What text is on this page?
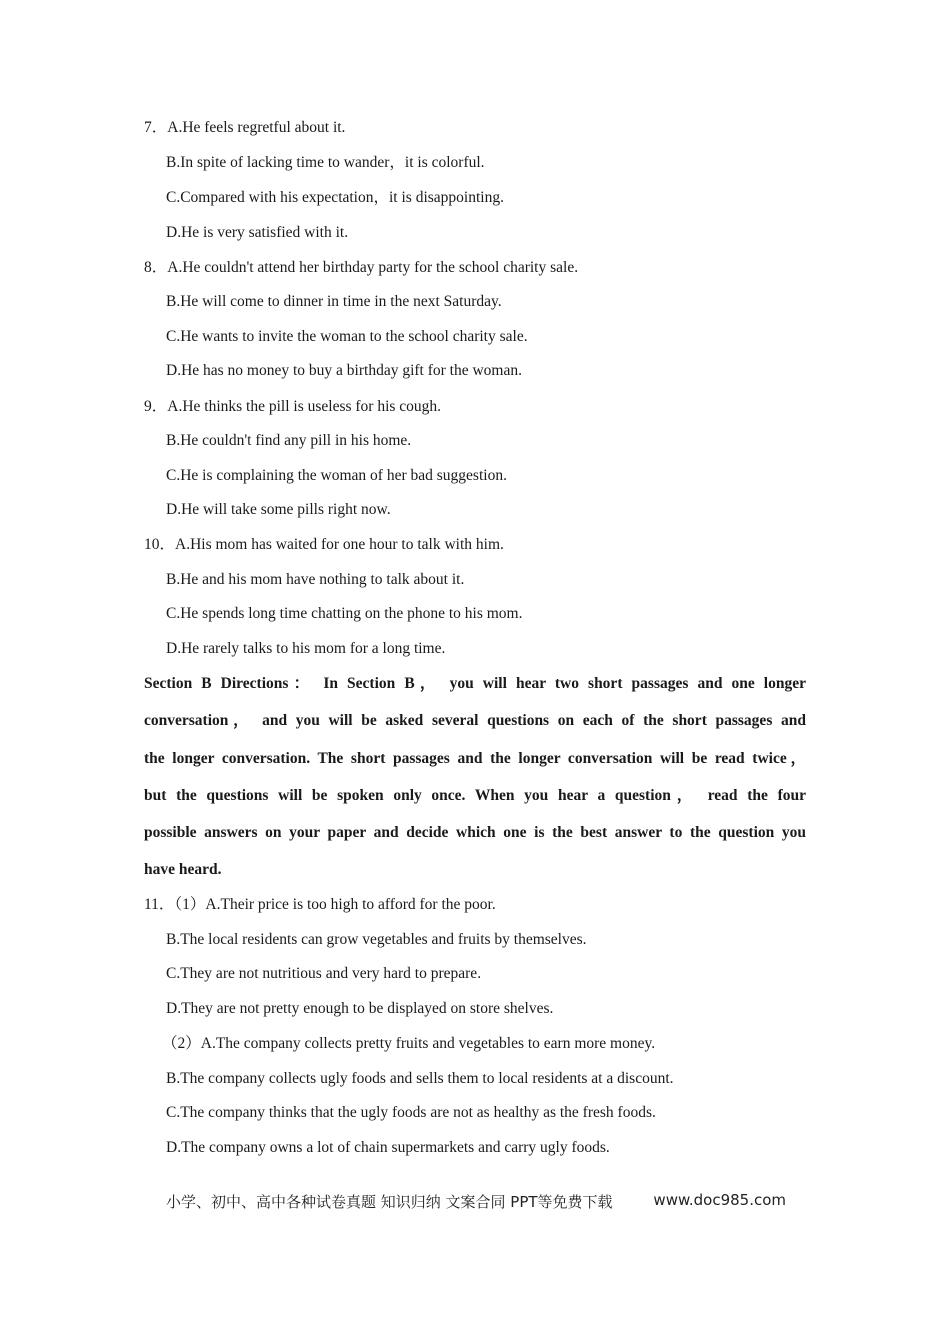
7．A.He feels regretful about it.
B.In spite of lacking time to wander，it is colorful.
C.Compared with his expectation，it is disappointing.
D.He is very satisfied with it.
8．A.He couldn't attend her birthday party for the school charity sale.
B.He will come to dinner in time in the next Saturday.
C.He wants to invite the woman to the school charity sale.
D.He has no money to buy a birthday gift for the woman.
9．A.He thinks the pill is useless for his cough.
B.He couldn't find any pill in his home.
C.He is complaining the woman of her bad suggestion.
D.He will take some pills right now.
10．A.His mom has waited for one hour to talk with him.
B.He and his mom have nothing to talk about it.
C.He spends long time chatting on the phone to his mom.
D.He rarely talks to his mom for a long time.
Section B Directions： In Section B， you will hear two short passages and one longer
conversation， and you will be asked several questions on each of the short passages and
the longer conversation. The short passages and the longer conversation will be read twice，
but the questions will be spoken only once. When you hear a question， read the four
possible answers on your paper and decide which one is the best answer to the question you
have heard.
11．（1）A.Their price is too high to afford for the poor.
B.The local residents can grow vegetables and fruits by themselves.
C.They are not nutritious and very hard to prepare.
D.They are not pretty enough to be displayed on store shelves.
（2）A.The company collects pretty fruits and vegetables to earn more money.
B.The company collects ugly foods and sells them to local residents at a discount.
C.The company thinks that the ugly foods are not as healthy as the fresh foods.
D.The company owns a lot of chain supermarkets and carry ugly foods.
小学、初中、高中各种试卷真题 知识归纳 文案合同 PPT等免费下载	www.doc985.com
